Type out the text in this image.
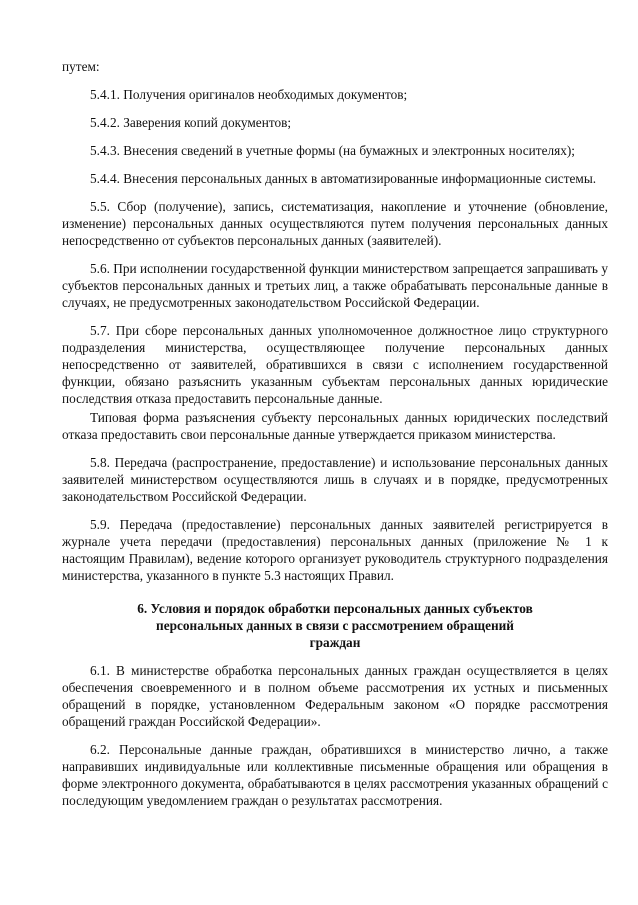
путем:

5.4.1. Получения оригиналов необходимых документов;

5.4.2. Заверения копий документов;

5.4.3. Внесения сведений в учетные формы (на бумажных и электронных носителях);

5.4.4. Внесения персональных данных в автоматизированные информационные системы.

5.5. Сбор (получение), запись, систематизация, накопление и уточнение (обновление, изменение) персональных данных осуществляются путем получения персональных данных непосредственно от субъектов персональных данных (заявителей).

5.6. При исполнении государственной функции министерством запрещается запрашивать у субъектов персональных данных и третьих лиц, а также обрабатывать персональные данные в случаях, не предусмотренных законодательством Российской Федерации.

5.7. При сборе персональных данных уполномоченное должностное лицо структурного подразделения министерства, осуществляющее получение персональных данных непосредственно от заявителей, обратившихся в связи с исполнением государственной функции, обязано разъяснить указанным субъектам персональных данных юридические последствия отказа предоставить персональные данные.

Типовая форма разъяснения субъекту персональных данных юридических последствий отказа предоставить свои персональные данные утверждается приказом министерства.

5.8. Передача (распространение, предоставление) и использование персональных данных заявителей министерством осуществляются лишь в случаях и в порядке, предусмотренных законодательством Российской Федерации.

5.9. Передача (предоставление) персональных данных заявителей регистрируется в журнале учета передачи (предоставления) персональных данных (приложение № 1 к настоящим Правилам), ведение которого организует руководитель структурного подразделения министерства, указанного в пункте 5.3 настоящих Правил.

6. Условия и порядок обработки персональных данных субъектов
персональных данных в связи с рассмотрением обращений
граждан

6.1. В министерстве обработка персональных данных граждан осуществляется в целях обеспечения своевременного и в полном объеме рассмотрения их устных и письменных обращений в порядке, установленном Федеральным законом «О порядке рассмотрения обращений граждан Российской Федерации».

6.2. Персональные данные граждан, обратившихся в министерство лично, а также направивших индивидуальные или коллективные письменные обращения или обращения в форме электронного документа, обрабатываются в целях рассмотрения указанных обращений с последующим уведомлением граждан о результатах рассмотрения.
